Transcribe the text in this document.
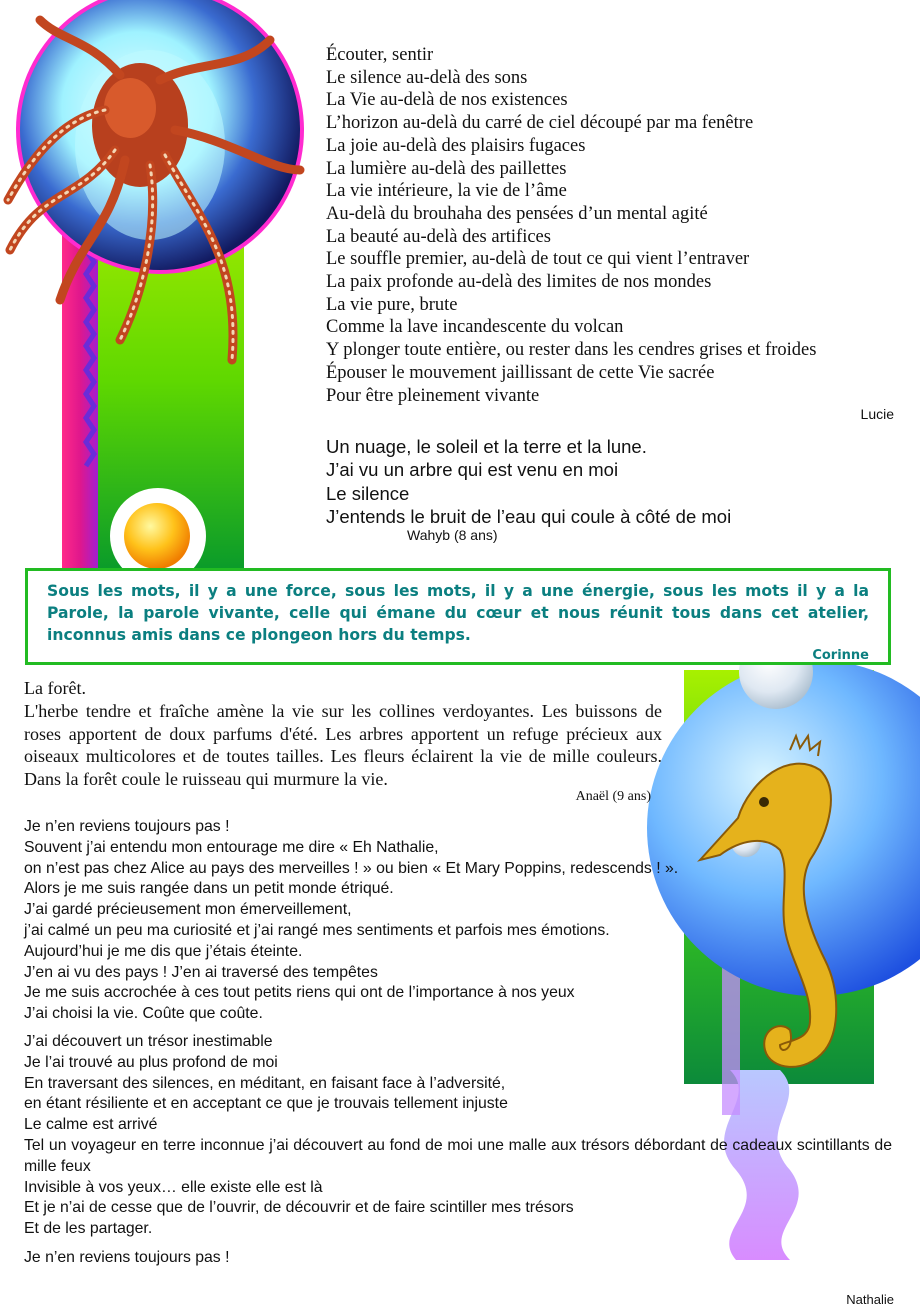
Écouter, sentir
Le silence au-delà des sons
La Vie au-delà de nos existences
L’horizon au-delà du carré de ciel découpé par ma fenêtre
La joie au-delà des plaisirs fugaces
La lumière au-delà des paillettes
La vie intérieure, la vie de l’âme
Au-delà du brouhaha des pensées d’un mental agité
La beauté au-delà des artifices
Le souffle premier, au-delà de tout ce qui vient l’entraver
La paix profonde au-delà des limites de nos mondes
La vie pure, brute
Comme la lave incandescente du volcan
Y plonger toute entière, ou rester dans les cendres grises et froides
Épouser le mouvement jaillissant de cette Vie sacrée
Pour être pleinement vivante
Lucie
Un nuage, le soleil et la terre et la lune.
J’ai vu un arbre qui est venu en moi
Le silence
J’entends le bruit de l’eau qui coule à côté de moi
Wahyb (8 ans)
Sous les mots, il y a une force, sous les mots, il y a une énergie, sous les mots il y a la Parole, la parole vivante, celle qui émane du cœur et nous réunit tous dans cet atelier, inconnus amis dans ce plongeon hors du temps.
Corinne
La forêt.
L'herbe tendre et fraîche amène la vie sur les collines verdoyantes. Les buissons de roses apportent de doux parfums d'été. Les arbres apportent un refuge précieux aux oiseaux multicolores et de toutes tailles. Les fleurs éclairent la vie de mille couleurs. Dans la forêt coule le ruisseau qui murmure la vie.
Anaël (9 ans)
Je n’en reviens toujours pas !
Souvent j’ai entendu mon entourage me dire « Eh Nathalie,
on n’est pas chez Alice au pays des merveilles ! » ou bien « Et Mary Poppins, redescends ! ».
Alors je me suis rangée dans un petit monde étriqué.
J’ai gardé précieusement mon émerveillement,
j’ai calmé un peu ma curiosité et j’ai rangé mes sentiments et parfois mes émotions.
Aujourd’hui je me dis que j’étais éteinte.
J’en ai vu des pays ! J’en ai traversé des tempêtes
Je me suis accrochée à ces tout petits riens qui ont de l’importance à nos yeux
J’ai choisi la vie. Coûte que coûte.
J’ai découvert un trésor inestimable
Je l’ai trouvé au plus profond de moi
En traversant des silences, en méditant, en faisant face à l’adversité,
en étant résiliente et en acceptant ce que je trouvais tellement injuste
Le calme est arrivé
Tel un voyageur en terre inconnue j’ai découvert au fond de moi une malle aux trésors débordant de cadeaux scintillants de mille feux
Invisible à vos yeux… elle existe elle est là
Et je n’ai de cesse que de l’ouvrir, de découvrir et de faire scintiller mes trésors
Et de les partager.
Je n’en reviens toujours pas !
Nathalie
